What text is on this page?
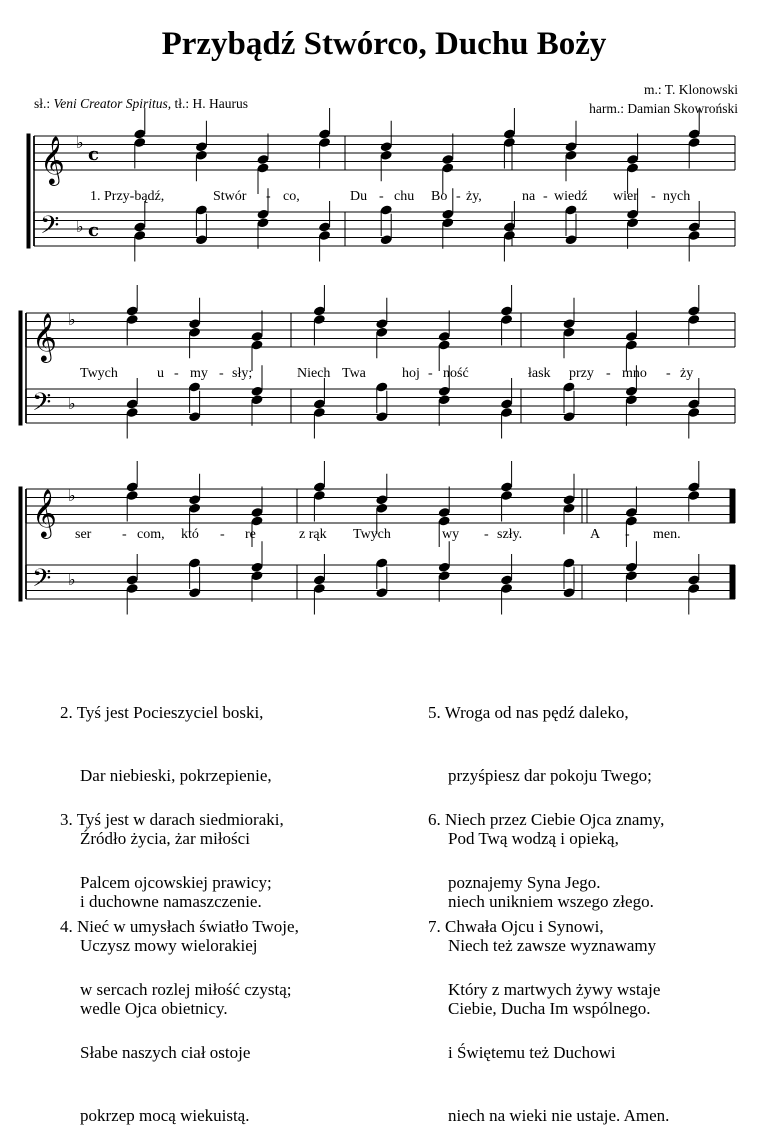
Przybądź Stwórco, Duchu Boży
sł.: Veni Creator Spiritus, tł.: H. Haurus
m.: T. Klonowski
harm.: Damian Skowroński
𝄞 ♭
c
𝄢 ♭ c
𝄞 ♭
𝄢 ♭
𝄞 ♭
𝄢 ♭
1. Przy-bądź,	Stwór - co,	Du - chu Bo - ży,	na - wiedź wier - nych
Twych	u - my - sły;	Niech Twa	hoj - ność	łask przy - mno - ży
ser - com, któ - re	z rąk Twych	wy - szły.	A - men.

2. Tyś jest Pocieszyciel boski,

Dar niebieski, pokrzepienie,

Źródło życia, żar miłości

i duchowne namaszczenie.

3. Tyś jest w darach siedmioraki,

Palcem ojcowskiej prawicy;

Uczysz mowy wielorakiej

wedle Ojca obietnicy.

4. Nieć w umysłach światło Twoje,

w sercach rozlej miłość czystą;

Słabe naszych ciał ostoje

pokrzep mocą wiekuistą.

5. Wroga od nas pędź daleko,

przyśpiesz dar pokoju Twego;

Pod Twą wodzą i opieką,

niech unikniem wszego złego.

6. Niech przez Ciebie Ojca znamy,

poznajemy Syna Jego.

Niech też zawsze wyznawamy

Ciebie, Ducha Im wspólnego.

7. Chwała Ojcu i Synowi,

Który z martwych żywy wstaje

i Świętemu też Duchowi

niech na wieki nie ustaje. Amen.
